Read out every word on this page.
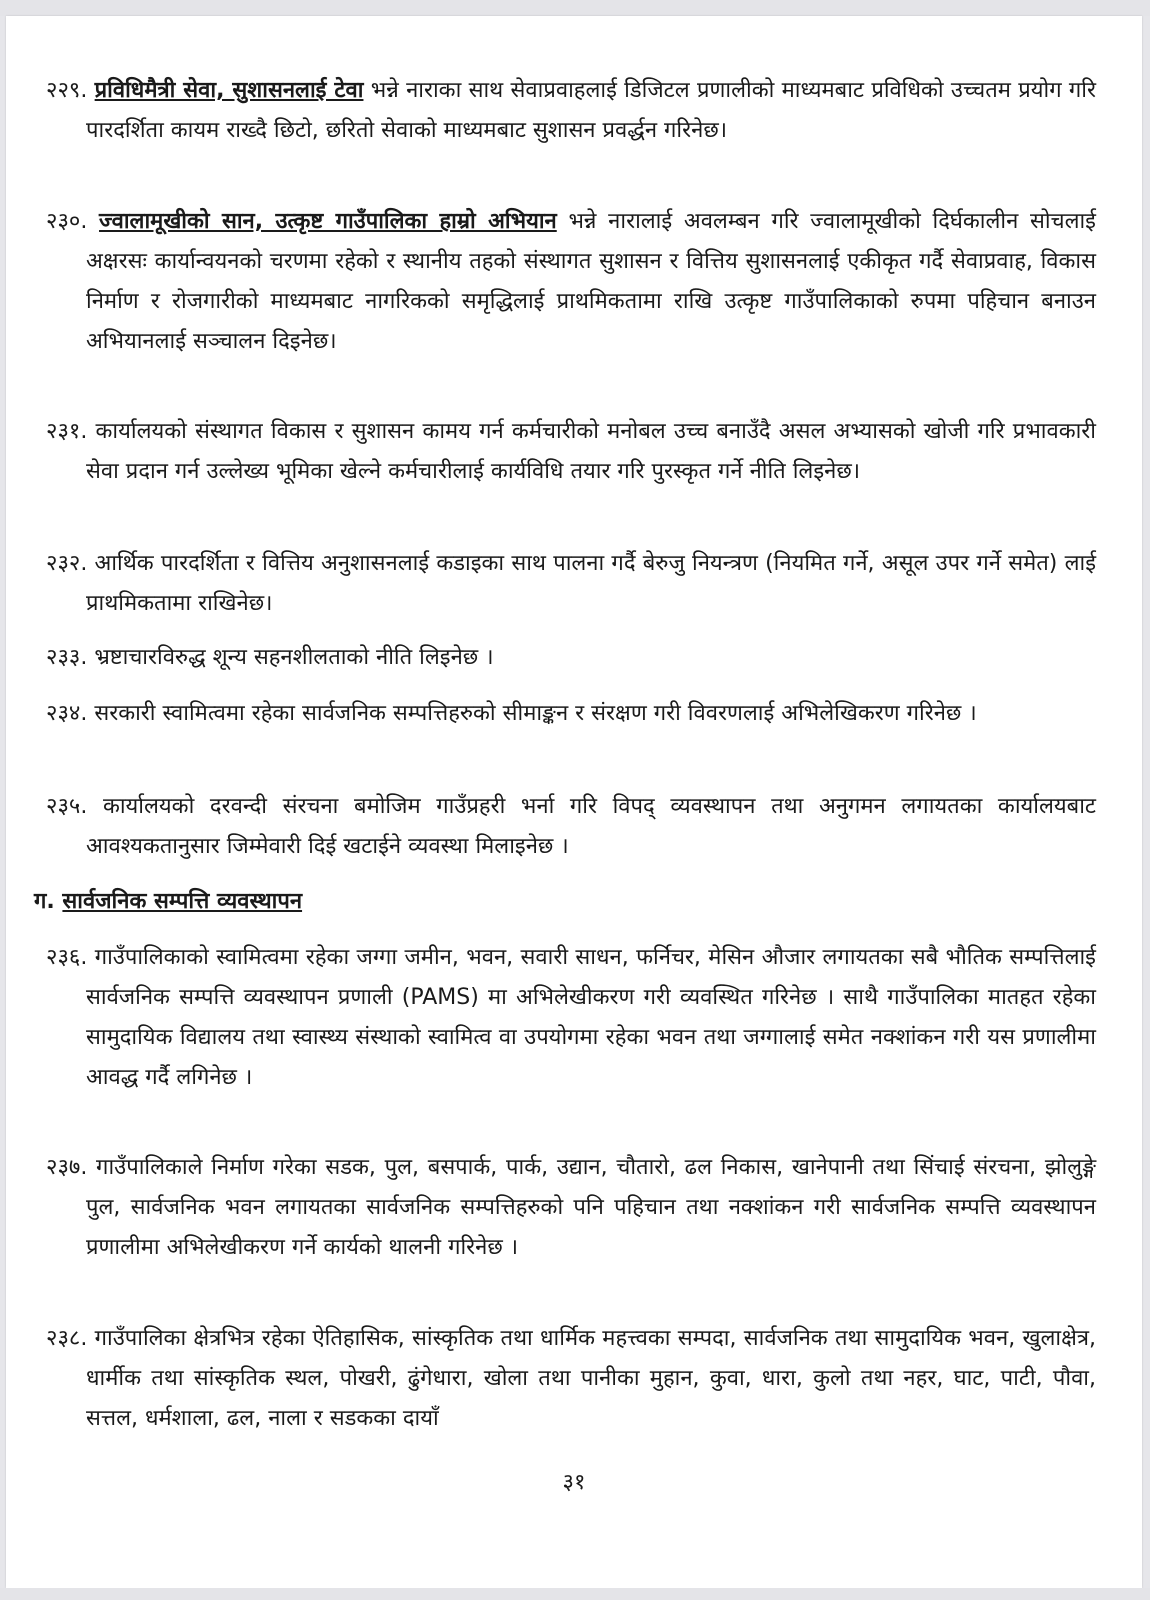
२२९. प्रविधिमैत्री सेवा, सुशासनलाई टेवा भन्ने नाराका साथ सेवाप्रवाहलाई डिजिटल प्रणालीको माध्यमबाट प्रविधिको उच्चतम प्रयोग गरि पारदर्शिता कायम राख्दै छिटो, छरितो सेवाको माध्यमबाट सुशासन प्रवर्द्धन गरिनेछ।
२३०. ज्वालामूखीको सान, उत्कृष्ट गाउँपालिका हाम्रो अभियान भन्ने नारालाई अवलम्बन गरि ज्वालामूखीको दिर्घकालीन सोचलाई अक्षरसः कार्यान्वयनको चरणमा रहेको र स्थानीय तहको संस्थागत सुशासन र वित्तिय सुशासनलाई एकीकृत गर्दै सेवाप्रवाह, विकास निर्माण र रोजगारीको माध्यमबाट नागरिकको समृद्धिलाई प्राथमिकतामा राखि उत्कृष्ट गाउँपालिकाको रुपमा पहिचान बनाउन अभियानलाई सञ्चालन दिइनेछ।
२३१. कार्यालयको संस्थागत विकास र सुशासन कामय गर्न कर्मचारीको मनोबल उच्च बनाउँदै असल अभ्यासको खोजी गरि प्रभावकारी सेवा प्रदान गर्न उल्लेख्य भूमिका खेल्ने कर्मचारीलाई कार्यविधि तयार गरि पुरस्कृत गर्ने नीति लिइनेछ।
२३२. आर्थिक पारदर्शिता र वित्तिय अनुशासनलाई कडाइका साथ पालना गर्दै बेरुजु नियन्त्रण (नियमित गर्ने, असूल उपर गर्ने समेत) लाई प्राथमिकतामा राखिनेछ।
२३३. भ्रष्टाचारविरुद्ध शून्य सहनशीलताको नीति लिइनेछ ।
२३४. सरकारी स्वामित्वमा रहेका सार्वजनिक सम्पत्तिहरुको सीमाङ्कन र संरक्षण गरी विवरणलाई अभिलेखिकरण गरिनेछ ।
२३५. कार्यालयको दरवन्दी संरचना बमोजिम गाउँप्रहरी भर्ना गरि विपद् व्यवस्थापन तथा अनुगमन लगायतका कार्यालयबाट आवश्यकतानुसार जिम्मेवारी दिई खटाईने व्यवस्था मिलाइनेछ ।
ग. सार्वजनिक सम्पत्ति व्यवस्थापन
२३६. गाउँपालिकाको स्वामित्वमा रहेका जग्गा जमीन, भवन, सवारी साधन, फर्निचर, मेसिन औजार लगायतका सबै भौतिक सम्पत्तिलाई सार्वजनिक सम्पत्ति व्यवस्थापन प्रणाली (PAMS) मा अभिलेखीकरण गरी व्यवस्थित गरिनेछ । साथै गाउँपालिका मातहत रहेका सामुदायिक विद्यालय तथा स्वास्थ्य संस्थाको स्वामित्व वा उपयोगमा रहेका भवन तथा जग्गालाई समेत नक्शांकन गरी यस प्रणालीमा आवद्ध गर्दै लगिनेछ ।
२३७. गाउँपालिकाले निर्माण गरेका सडक, पुल, बसपार्क, पार्क, उद्यान, चौतारो, ढल निकास, खानेपानी तथा सिंचाई संरचना, झोलुङ्गे पुल, सार्वजनिक भवन लगायतका सार्वजनिक सम्पत्तिहरुको पनि पहिचान तथा नक्शांकन गरी सार्वजनिक सम्पत्ति व्यवस्थापन प्रणालीमा अभिलेखीकरण गर्ने कार्यको थालनी गरिनेछ ।
२३८. गाउँपालिका क्षेत्रभित्र रहेका ऐतिहासिक, सांस्कृतिक तथा धार्मिक महत्त्वका सम्पदा, सार्वजनिक तथा सामुदायिक भवन, खुलाक्षेत्र, धार्मीक तथा सांस्कृतिक स्थल, पोखरी, ढुंगेधारा, खोला तथा पानीका मुहान, कुवा, धारा, कुलो तथा नहर, घाट, पाटी, पौवा, सत्तल, धर्मशाला, ढल, नाला र सडकका दायाँ
३१
